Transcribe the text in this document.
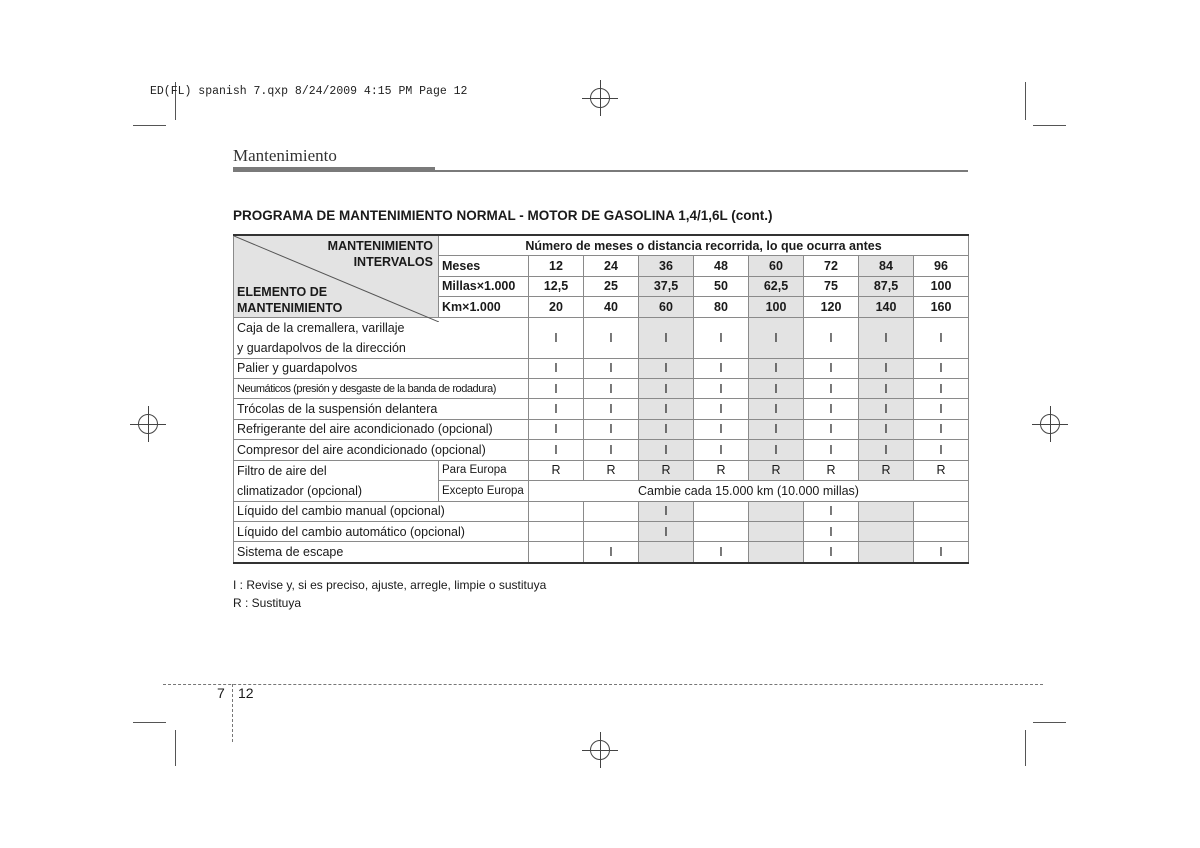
ED(FL) spanish 7.qxp 8/24/2009 4:15 PM Page 12
Mantenimiento
PROGRAMA DE MANTENIMIENTO NORMAL - MOTOR DE GASOLINA 1,4/1,6L (cont.)
MANTENIMIENTO
INTERVALOS
ELEMENTO DE
MANTENIMIENTO	Número de meses o distancia recorrida, lo que ocurra antes								
	Meses	12	24	36	48	60	72	84	96
	Millas×1.000	12,5	25	37,5	50	62,5	75	87,5	100
	Km×1.000	20	40	60	80	100	120	140	160

Caja de la cremallera, varillaje
y guardapolvos de la dirección		I	I	I	I	I	I	I	I
Palier y guardapolvos		I	I	I	I	I	I	I	I
Neumáticos (presión y desgaste de la banda de rodadura)		I	I	I	I	I	I	I	I
Trócolas de la suspensión delantera		I	I	I	I	I	I	I	I
Refrigerante del aire acondicionado (opcional)		I	I	I	I	I	I	I	I
Compresor del aire acondicionado (opcional)		I	I	I	I	I	I	I	I

Filtro de aire del
climatizador (opcional)	Para Europa	R	R	R	R	R	R	R	R
	Excepto Europa	Cambie cada 15.000 km (10.000 millas)							
Líquido del cambio manual (opcional)				I			I		
Líquido del cambio automático (opcional)				I			I		
Sistema de escape			I		I		I		I
I : Revise y, si es preciso, ajuste, arregle, limpie o sustituya
R : Sustituya
7 12
